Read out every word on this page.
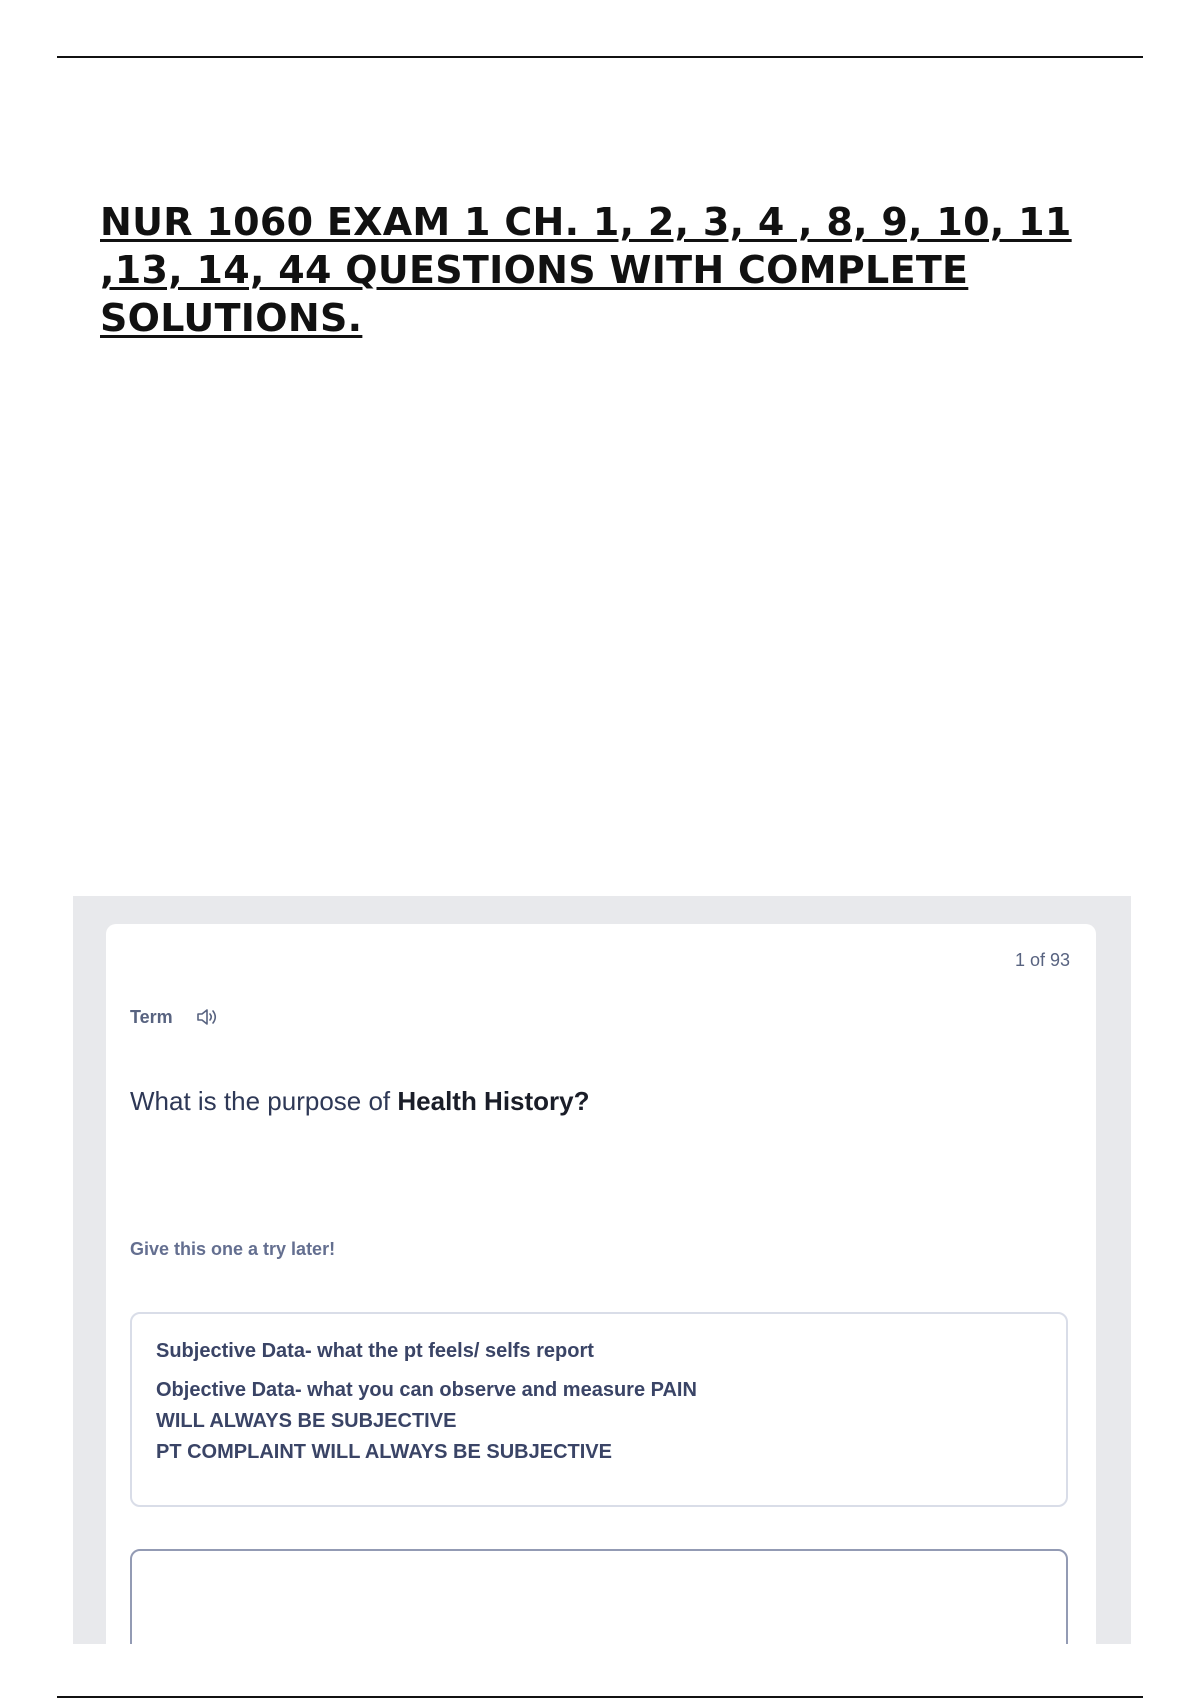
NUR 1060 EXAM 1 CH. 1, 2, 3, 4 , 8, 9, 10, 11 ,13, 14, 44 QUESTIONS WITH COMPLETE SOLUTIONS.
1 of 93
Term
What is the purpose of Health History?
Give this one a try later!

Subjective Data- what the pt feels/ selfs report

Objective Data- what you can observe and measure PAIN

WILL ALWAYS BE SUBJECTIVE

PT COMPLAINT WILL ALWAYS BE SUBJECTIVE
